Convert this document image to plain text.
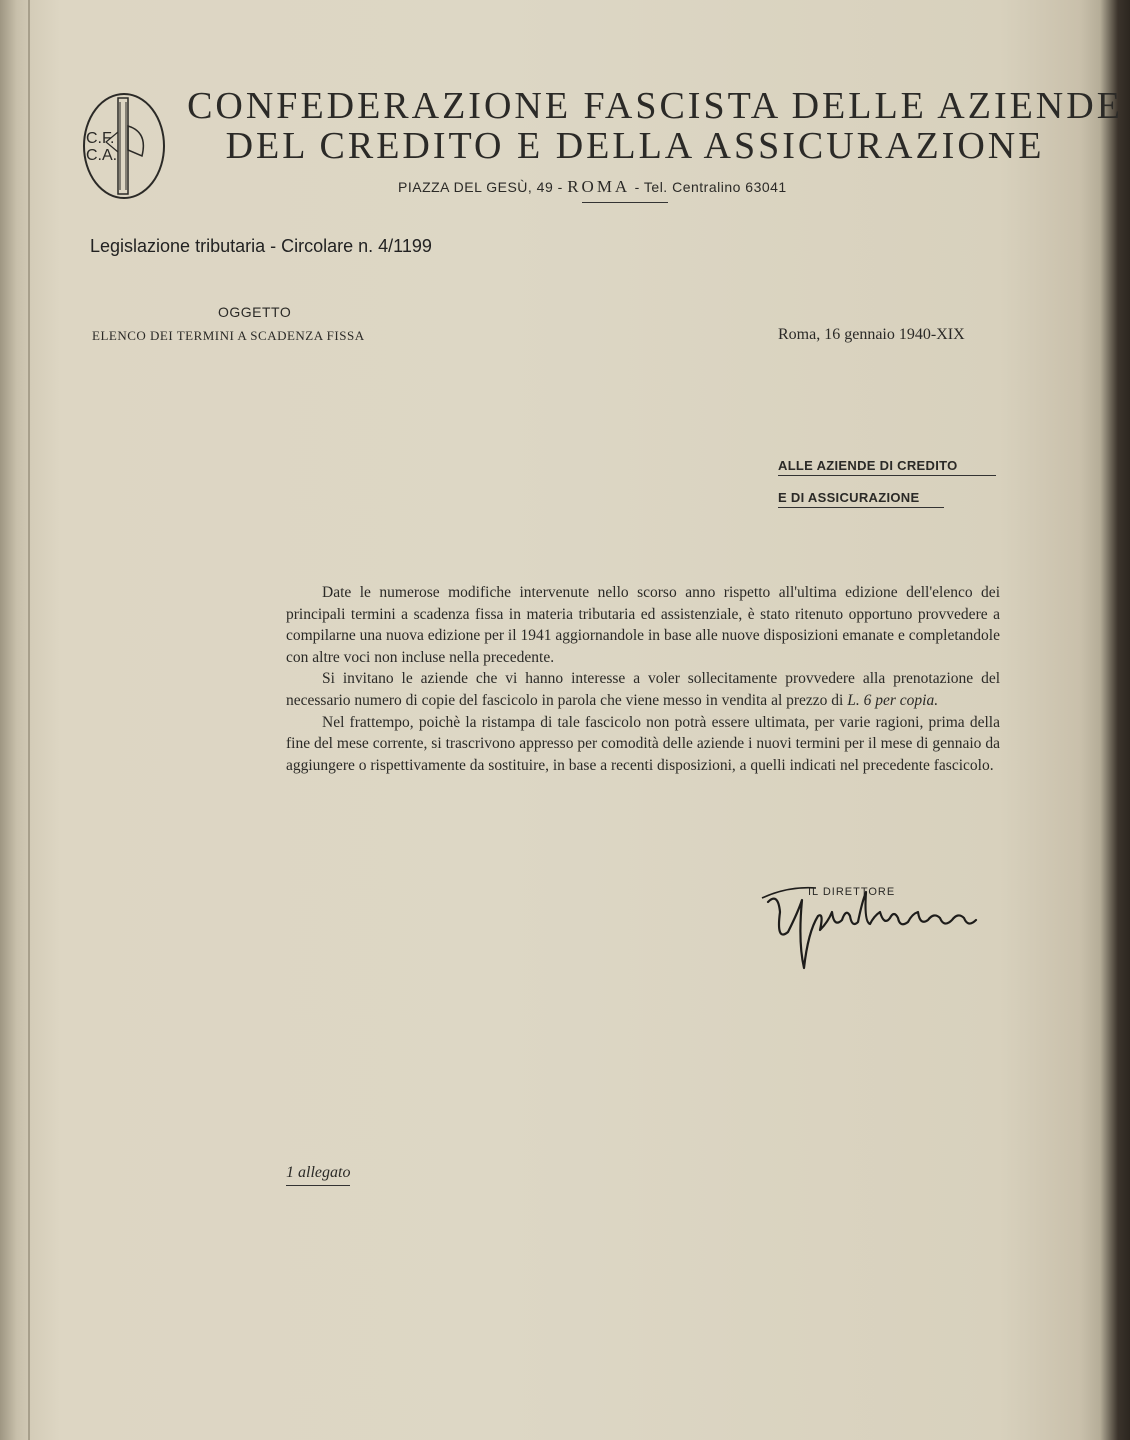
C.F.
C.A.
CONFEDERAZIONE FASCISTA DELLE AZIENDE
DEL CREDITO E DELLA ASSICURAZIONE
PIAZZA DEL GESÙ, 49 - ROMA - Tel. Centralino 63041
Legislazione tributaria - Circolare n. 4/1199
OGGETTO
ELENCO DEI TERMINI A SCADENZA FISSA	Roma, 16 gennaio 1940-XIX
ALLE AZIENDE DI CREDITO
E DI ASSICURAZIONE

Date le numerose modifiche intervenute nello scorso anno rispetto all'ultima edizione dell'elenco dei principali termini a scadenza fissa in materia tributaria ed assistenziale, è stato ritenuto opportuno provvedere a compilarne una nuova edizione per il 1941 aggiornandole in base alle nuove disposizioni emanate e completandole con altre voci non incluse nella precedente.

Si invitano le aziende che vi hanno interesse a voler sollecitamente provvedere alla prenotazione del necessario numero di copie del fascicolo in parola che viene messo in vendita al prezzo di L. 6 per copia.

Nel frattempo, poichè la ristampa di tale fascicolo non potrà essere ultimata, per varie ragioni, prima della fine del mese corrente, si trascrivono appresso per comodità delle aziende i nuovi termini per il mese di gennaio da aggiungere o rispettivamente da sostituire, in base a recenti disposizioni, a quelli indicati nel precedente fascicolo.

IL DIRETTORE
1 allegato
